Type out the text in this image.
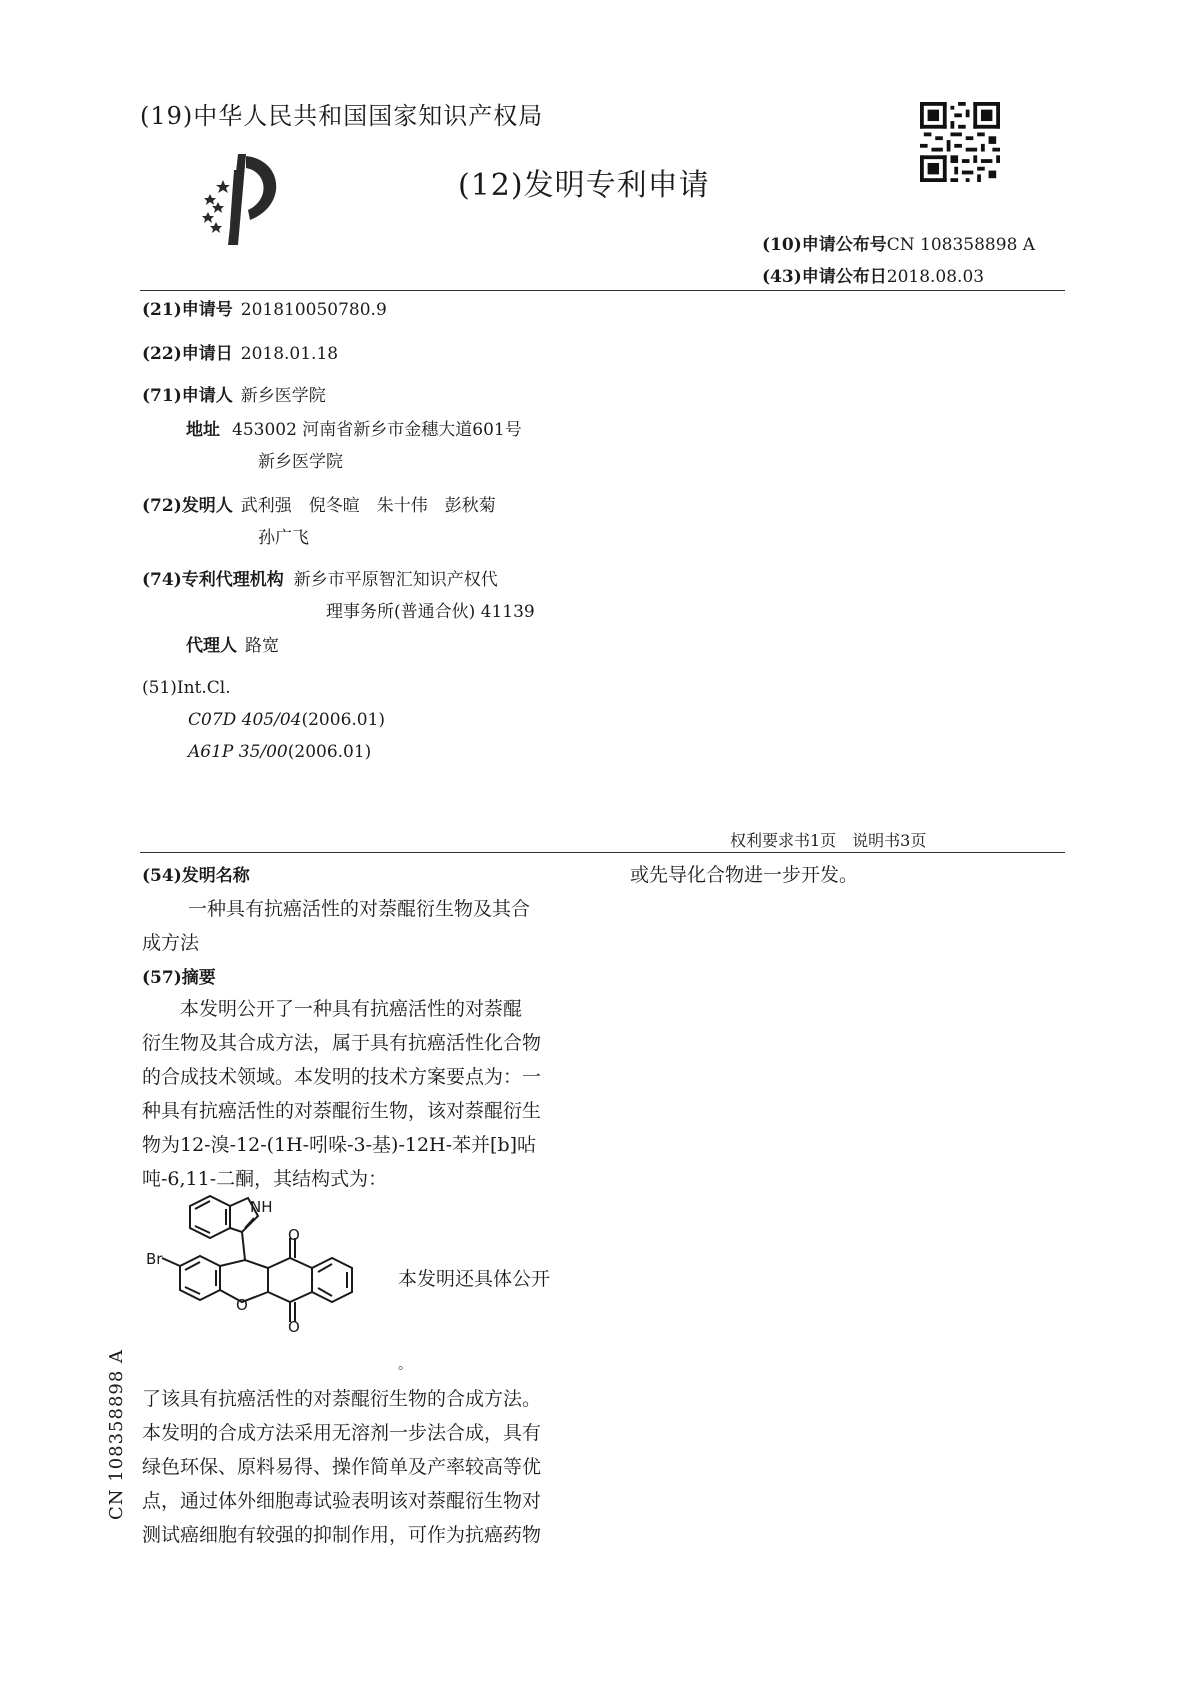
(19)中华人民共和国国家知识产权局
(12)发明专利申请
(10)申请公布号CN 108358898 A
(43)申请公布日2018.08.03
(21)申请号 201810050780.9
(22)申请日 2018.01.18
(71)申请人 新乡医学院
地址 453002 河南省新乡市金穗大道601号
新乡医学院
(72)发明人 武利强　倪冬暄　朱十伟　彭秋菊
孙广飞
(74)专利代理机构 新乡市平原智汇知识产权代
理事务所(普通合伙) 41139
代理人 路宽
(51)Int.Cl.
C07D 405/04(2006.01)
A61P 35/00(2006.01)
权利要求书1页　说明书3页
(54)发明名称
一种具有抗癌活性的对萘醌衍生物及其合
成方法
(57)摘要
本发明公开了一种具有抗癌活性的对萘醌
衍生物及其合成方法，属于具有抗癌活性化合物
的合成技术领域。本发明的技术方案要点为：一
种具有抗癌活性的对萘醌衍生物，该对萘醌衍生
物为12-溴-12-(1H-吲哚-3-基)-12H-苯并[b]呫
吨-6,11-二酮，其结构式为：
NH
Br
O
O
O
本发明还具体公开
。
了该具有抗癌活性的对萘醌衍生物的合成方法。
本发明的合成方法采用无溶剂一步法合成，具有
绿色环保、原料易得、操作简单及产率较高等优
点，通过体外细胞毒试验表明该对萘醌衍生物对
测试癌细胞有较强的抑制作用，可作为抗癌药物
或先导化合物进一步开发。
CN 108358898 A
